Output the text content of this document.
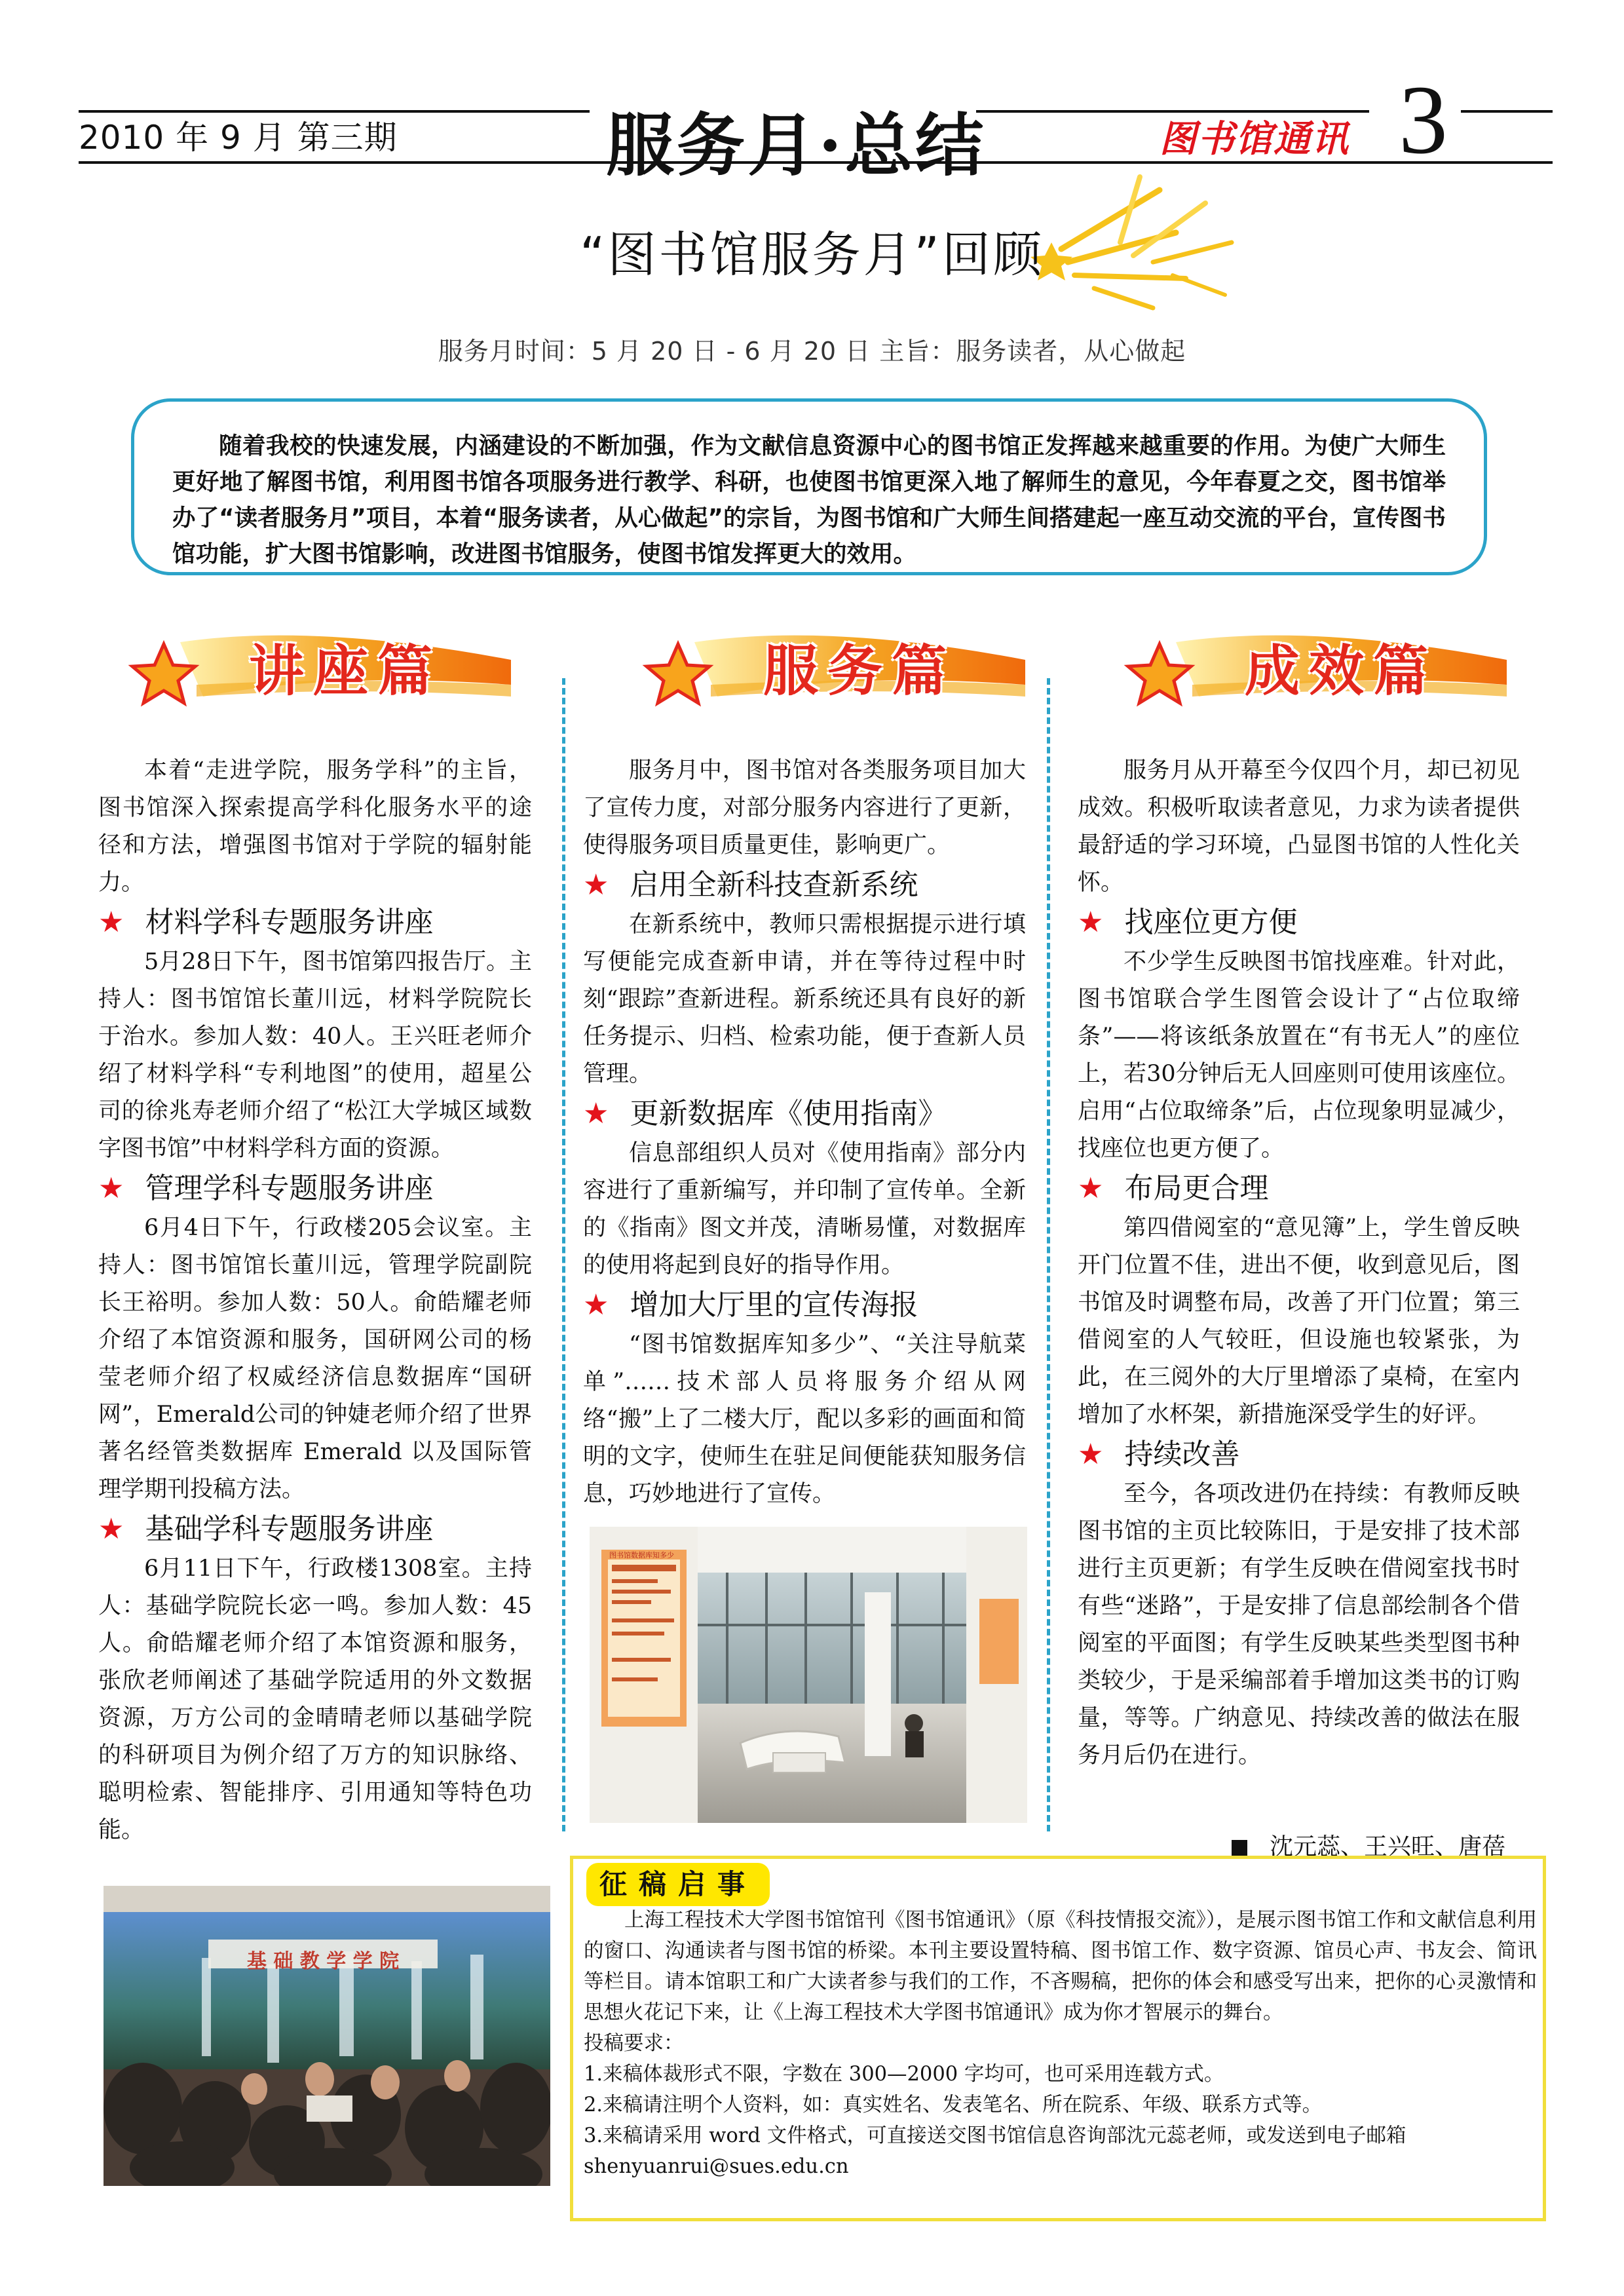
2010 年 9 月 第三期	服务月·总结	图书馆通讯 3
“图书馆服务月”回顾
服务月时间：5 月 20 日 - 6 月 20 日 主旨：服务读者，从心做起

随着我校的快速发展，内涵建设的不断加强，作为文献信息资源中心的图书馆正发挥越来越重要的作用。为使广大师生更好地了解图书馆，利用图书馆各项服务进行教学、科研，也使图书馆更深入地了解师生的意见，今年春夏之交，图书馆举办了“读者服务月”项目，本着“服务读者，从心做起”的宗旨，为图书馆和广大师生间搭建起一座互动交流的平台，宣传图书馆功能，扩大图书馆影响，改进图书馆服务，使图书馆发挥更大的效用。

讲座篇	服务篇	成效篇

本着“走进学院，服务学科”的主旨，图书馆深入探索提高学科化服务水平的途径和方法，增强图书馆对于学院的辐射能力。

★ 材料学科专题服务讲座

5月28日下午，图书馆第四报告厅。主持人：图书馆馆长董川远，材料学院院长于治水。参加人数：40人。王兴旺老师介绍了材料学科“专利地图”的使用，超星公司的徐兆寿老师介绍了“松江大学城区域数字图书馆”中材料学科方面的资源。

★ 管理学科专题服务讲座

6月4日下午，行政楼205会议室。主持人：图书馆馆长董川远，管理学院副院长王裕明。参加人数：50人。俞皓耀老师介绍了本馆资源和服务，国研网公司的杨莹老师介绍了权威经济信息数据库“国研网”，Emerald公司的钟婕老师介绍了世界著名经管类数据库 Emerald 以及国际管理学期刊投稿方法。

★ 基础学科专题服务讲座

6月11日下午，行政楼1308室。主持人：基础学院院长宓一鸣。参加人数：45人。俞皓耀老师介绍了本馆资源和服务，张欣老师阐述了基础学院适用的外文数据资源，万方公司的金晴晴老师以基础学院的科研项目为例介绍了万方的知识脉络、聪明检索、智能排序、引用通知等特色功能。

服务月中，图书馆对各类服务项目加大了宣传力度，对部分服务内容进行了更新，使得服务项目质量更佳，影响更广。

★ 启用全新科技查新系统

在新系统中，教师只需根据提示进行填写便能完成查新申请，并在等待过程中时刻“跟踪”查新进程。新系统还具有良好的新任务提示、归档、检索功能，便于查新人员管理。

★ 更新数据库《使用指南》

信息部组织人员对《使用指南》部分内容进行了重新编写，并印制了宣传单。全新的《指南》图文并茂，清晰易懂，对数据库的使用将起到良好的指导作用。

★ 增加大厅里的宣传海报

“图书馆数据库知多少”、“关注导航菜单”……技术部人员将服务介绍从网络“搬”上了二楼大厅，配以多彩的画面和简明的文字，使师生在驻足间便能获知服务信息，巧妙地进行了宣传。

服务月从开幕至今仅四个月，却已初见成效。积极听取读者意见，力求为读者提供最舒适的学习环境，凸显图书馆的人性化关怀。

★ 找座位更方便

不少学生反映图书馆找座难。针对此，图书馆联合学生图管会设计了“占位取缔条”——将该纸条放置在“有书无人”的座位上，若30分钟后无人回座则可使用该座位。启用“占位取缔条”后，占位现象明显减少，找座位也更方便了。

★ 布局更合理

第四借阅室的“意见簿”上，学生曾反映开门位置不佳，进出不便，收到意见后，图书馆及时调整布局，改善了开门位置；第三借阅室的人气较旺，但设施也较紧张，为此，在三阅外的大厅里增添了桌椅，在室内增加了水杯架，新措施深受学生的好评。

★ 持续改善

至今，各项改进仍在持续：有教师反映图书馆的主页比较陈旧，于是安排了技术部进行主页更新；有学生反映在借阅室找书时有些“迷路”，于是安排了信息部绘制各个借阅室的平面图；有学生反映某些类型图书种类较少，于是采编部着手增加这类书的订购量，等等。广纳意见、持续改善的做法在服务月后仍在进行。

沈元蕊、王兴旺、唐蓓
图书馆数据库知多少
基 础 教 学 学 院
征稿启事

上海工程技术大学图书馆馆刊《图书馆通讯》（原《科技情报交流》），是展示图书馆工作和文献信息利用的窗口、沟通读者与图书馆的桥梁。本刊主要设置特稿、图书馆工作、数字资源、馆员心声、书友会、简讯等栏目。请本馆职工和广大读者参与我们的工作，不吝赐稿，把你的体会和感受写出来，把你的心灵激情和思想火花记下来，让《上海工程技术大学图书馆通讯》成为你才智展示的舞台。

投稿要求：

1.来稿体裁形式不限，字数在 300—2000 字均可，也可采用连载方式。

2.来稿请注明个人资料，如：真实姓名、发表笔名、所在院系、年级、联系方式等。

3.来稿请采用 word 文件格式，可直接送交图书馆信息咨询部沈元蕊老师，或发送到电子邮箱

shenyuanrui@sues.edu.cn
